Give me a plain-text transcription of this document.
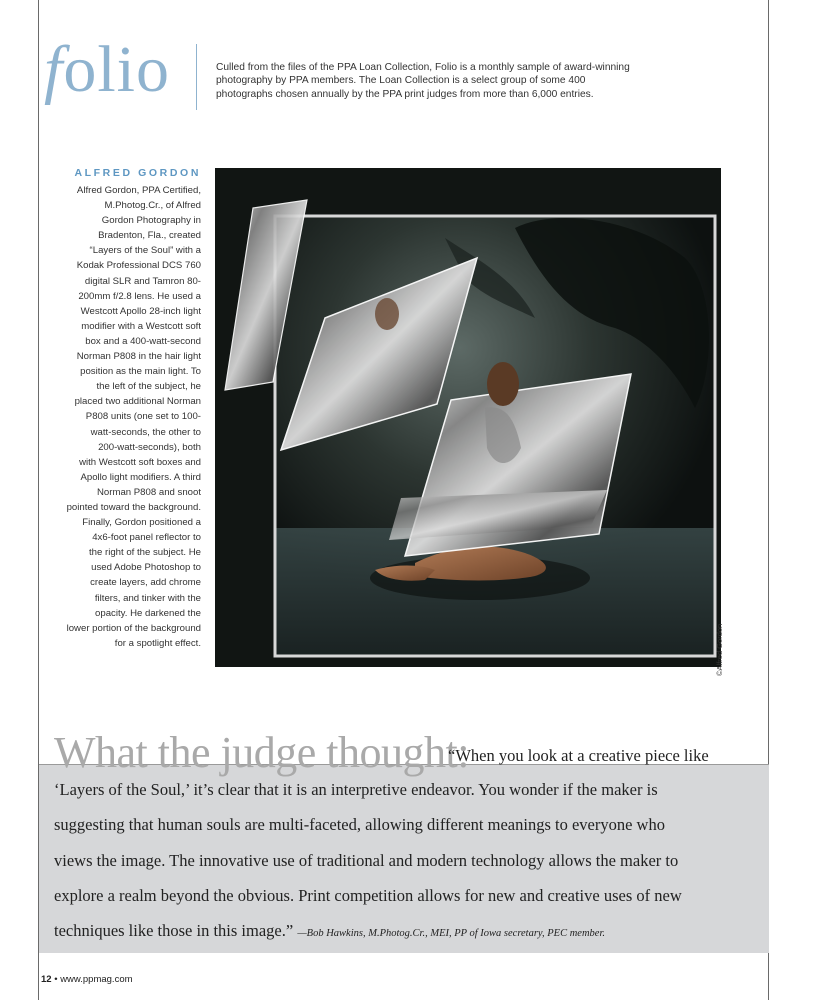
folio	Culled from the files of the PPA Loan Collection, Folio is a monthly sample of award-winning
photography by PPA members. The Loan Collection is a select group of some 400
photographs chosen annually by the PPA print judges from more than 6,000 entries.
ALFRED GORDON
Alfred Gordon, PPA Certified,
M.Photog.Cr., of Alfred
Gordon Photography in
Bradenton, Fla., created
“Layers of the Soul” with a
Kodak Professional DCS 760
digital SLR and Tamron 80-
200mm f/2.8 lens. He used a
Westcott Apollo 28-inch light
modifier with a Westcott soft
box and a 400-watt-second
Norman P808 in the hair light
position as the main light. To
the left of the subject, he
placed two additional Norman
P808 units (one set to 100-
watt-seconds, the other to
200-watt-seconds), both
with Westcott soft boxes and
Apollo light modifiers. A third
Norman P808 and snoot
pointed toward the background.
Finally, Gordon positioned a
4x6-foot panel reflector to
the right of the subject. He
used Adobe Photoshop to
create layers, add chrome
filters, and tinker with the
opacity. He darkened the
lower portion of the background
for a spotlight effect.	©Alfred Gordon
What the judge thought:
“When you look at a creative piece like
‘Layers of the Soul,’ it’s clear that it is an interpretive endeavor. You wonder if the maker is
suggesting that human souls are multi-faceted, allowing different meanings to everyone who
views the image. The innovative use of traditional and modern technology allows the maker to
explore a realm beyond the obvious. Print competition allows for new and creative uses of new
techniques like those in this image.” —Bob Hawkins, M.Photog.Cr., MEI, PP of Iowa secretary, PEC member.
12 • www.ppmag.com
